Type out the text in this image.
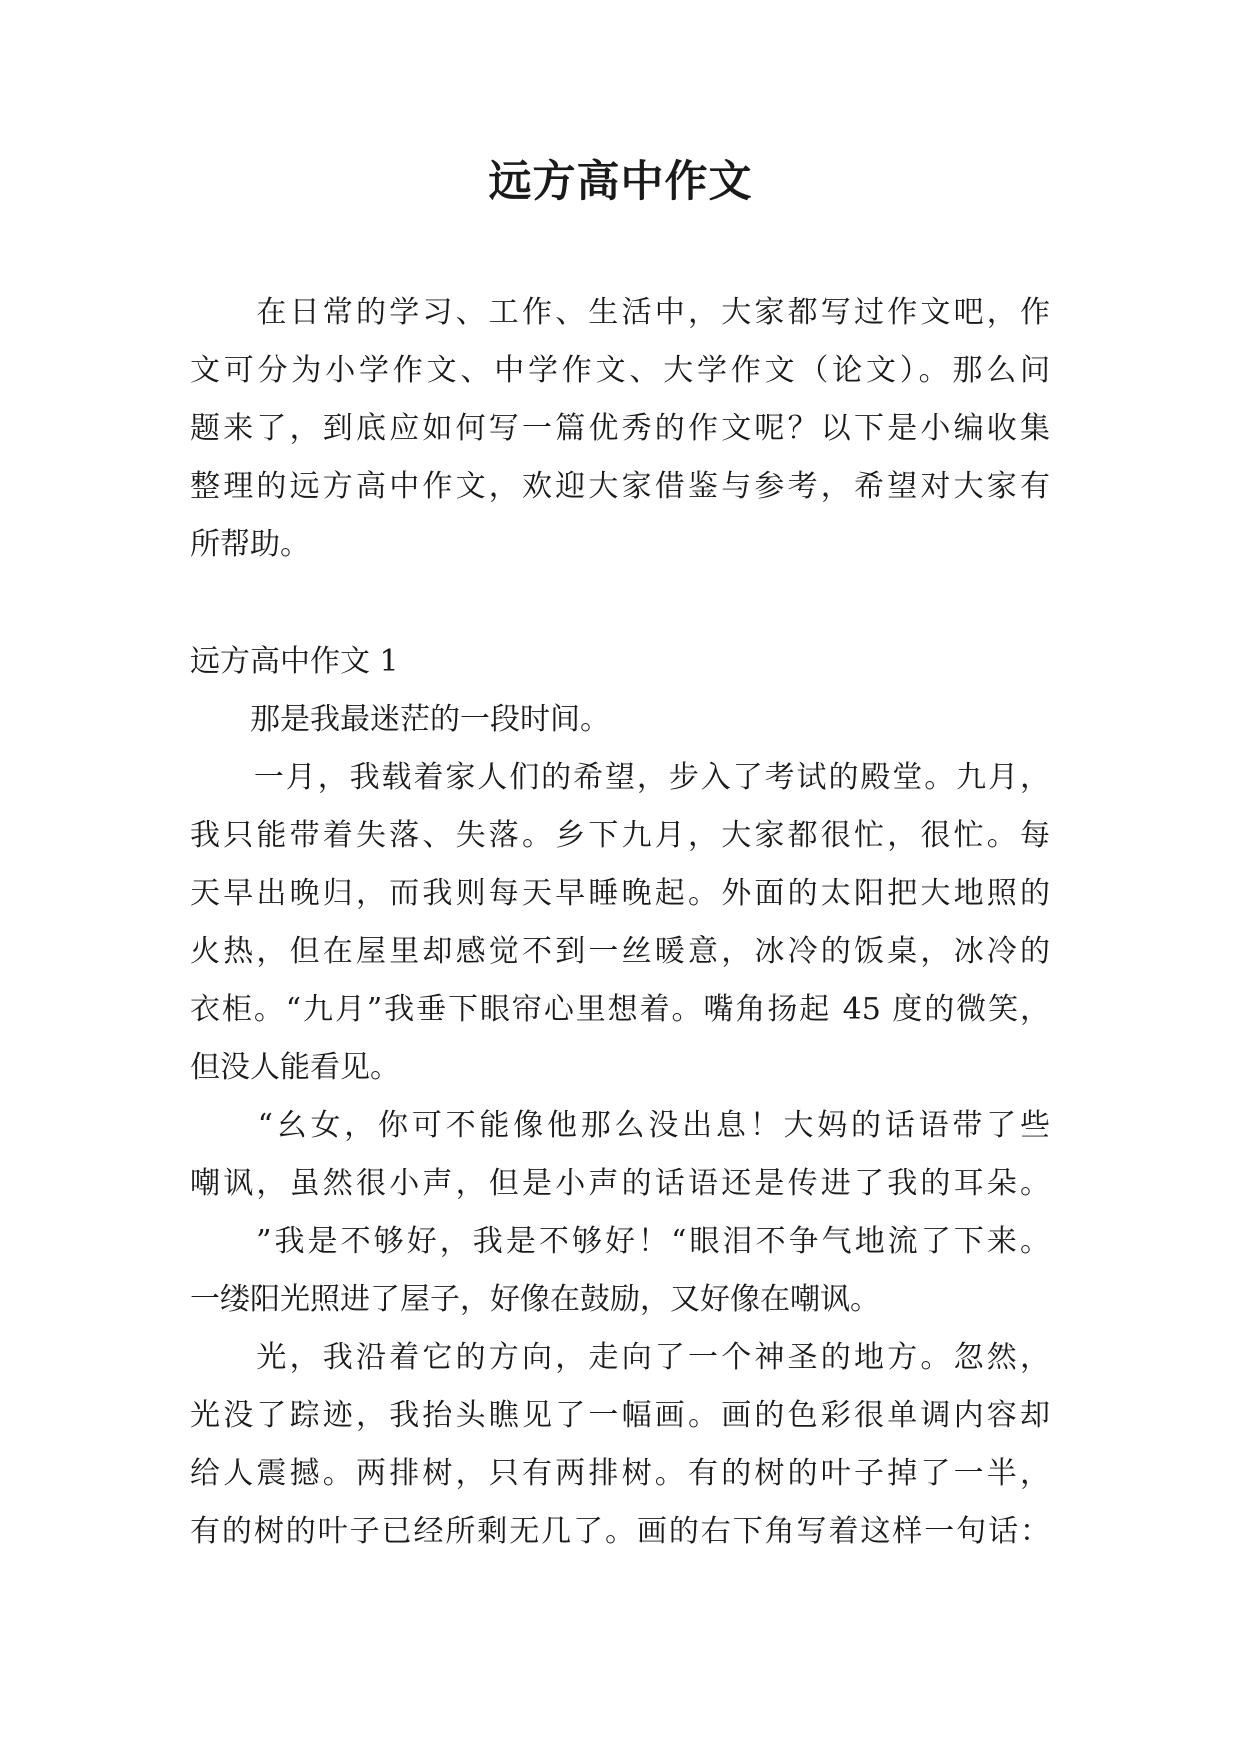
远方高中作文
　　在日常的学习、工作、生活中，大家都写过作文吧，作
文可分为小学作文、中学作文、大学作文（论文）。那么问
题来了，到底应如何写一篇优秀的作文呢？以下是小编收集
整理的远方高中作文，欢迎大家借鉴与参考，希望对大家有
所帮助。
远方高中作文 1
　　那是我最迷茫的一段时间。
　　一月，我载着家人们的希望，步入了考试的殿堂。九月，
我只能带着失落、失落。乡下九月，大家都很忙，很忙。每
天早出晚归，而我则每天早睡晚起。外面的太阳把大地照的
火热，但在屋里却感觉不到一丝暖意，冰冷的饭桌，冰冷的
衣柜。“九月”我垂下眼帘心里想着。嘴角扬起 45 度的微笑，
但没人能看见。
　　“幺女，你可不能像他那么没出息！大妈的话语带了些
嘲讽，虽然很小声，但是小声的话语还是传进了我的耳朵。
　　”我是不够好，我是不够好！“眼泪不争气地流了下来。
一缕阳光照进了屋子，好像在鼓励，又好像在嘲讽。
　　光，我沿着它的方向，走向了一个神圣的地方。忽然，
光没了踪迹，我抬头瞧见了一幅画。画的色彩很单调内容却
给人震撼。两排树，只有两排树。有的树的叶子掉了一半，
有的树的叶子已经所剩无几了。画的右下角写着这样一句话：
